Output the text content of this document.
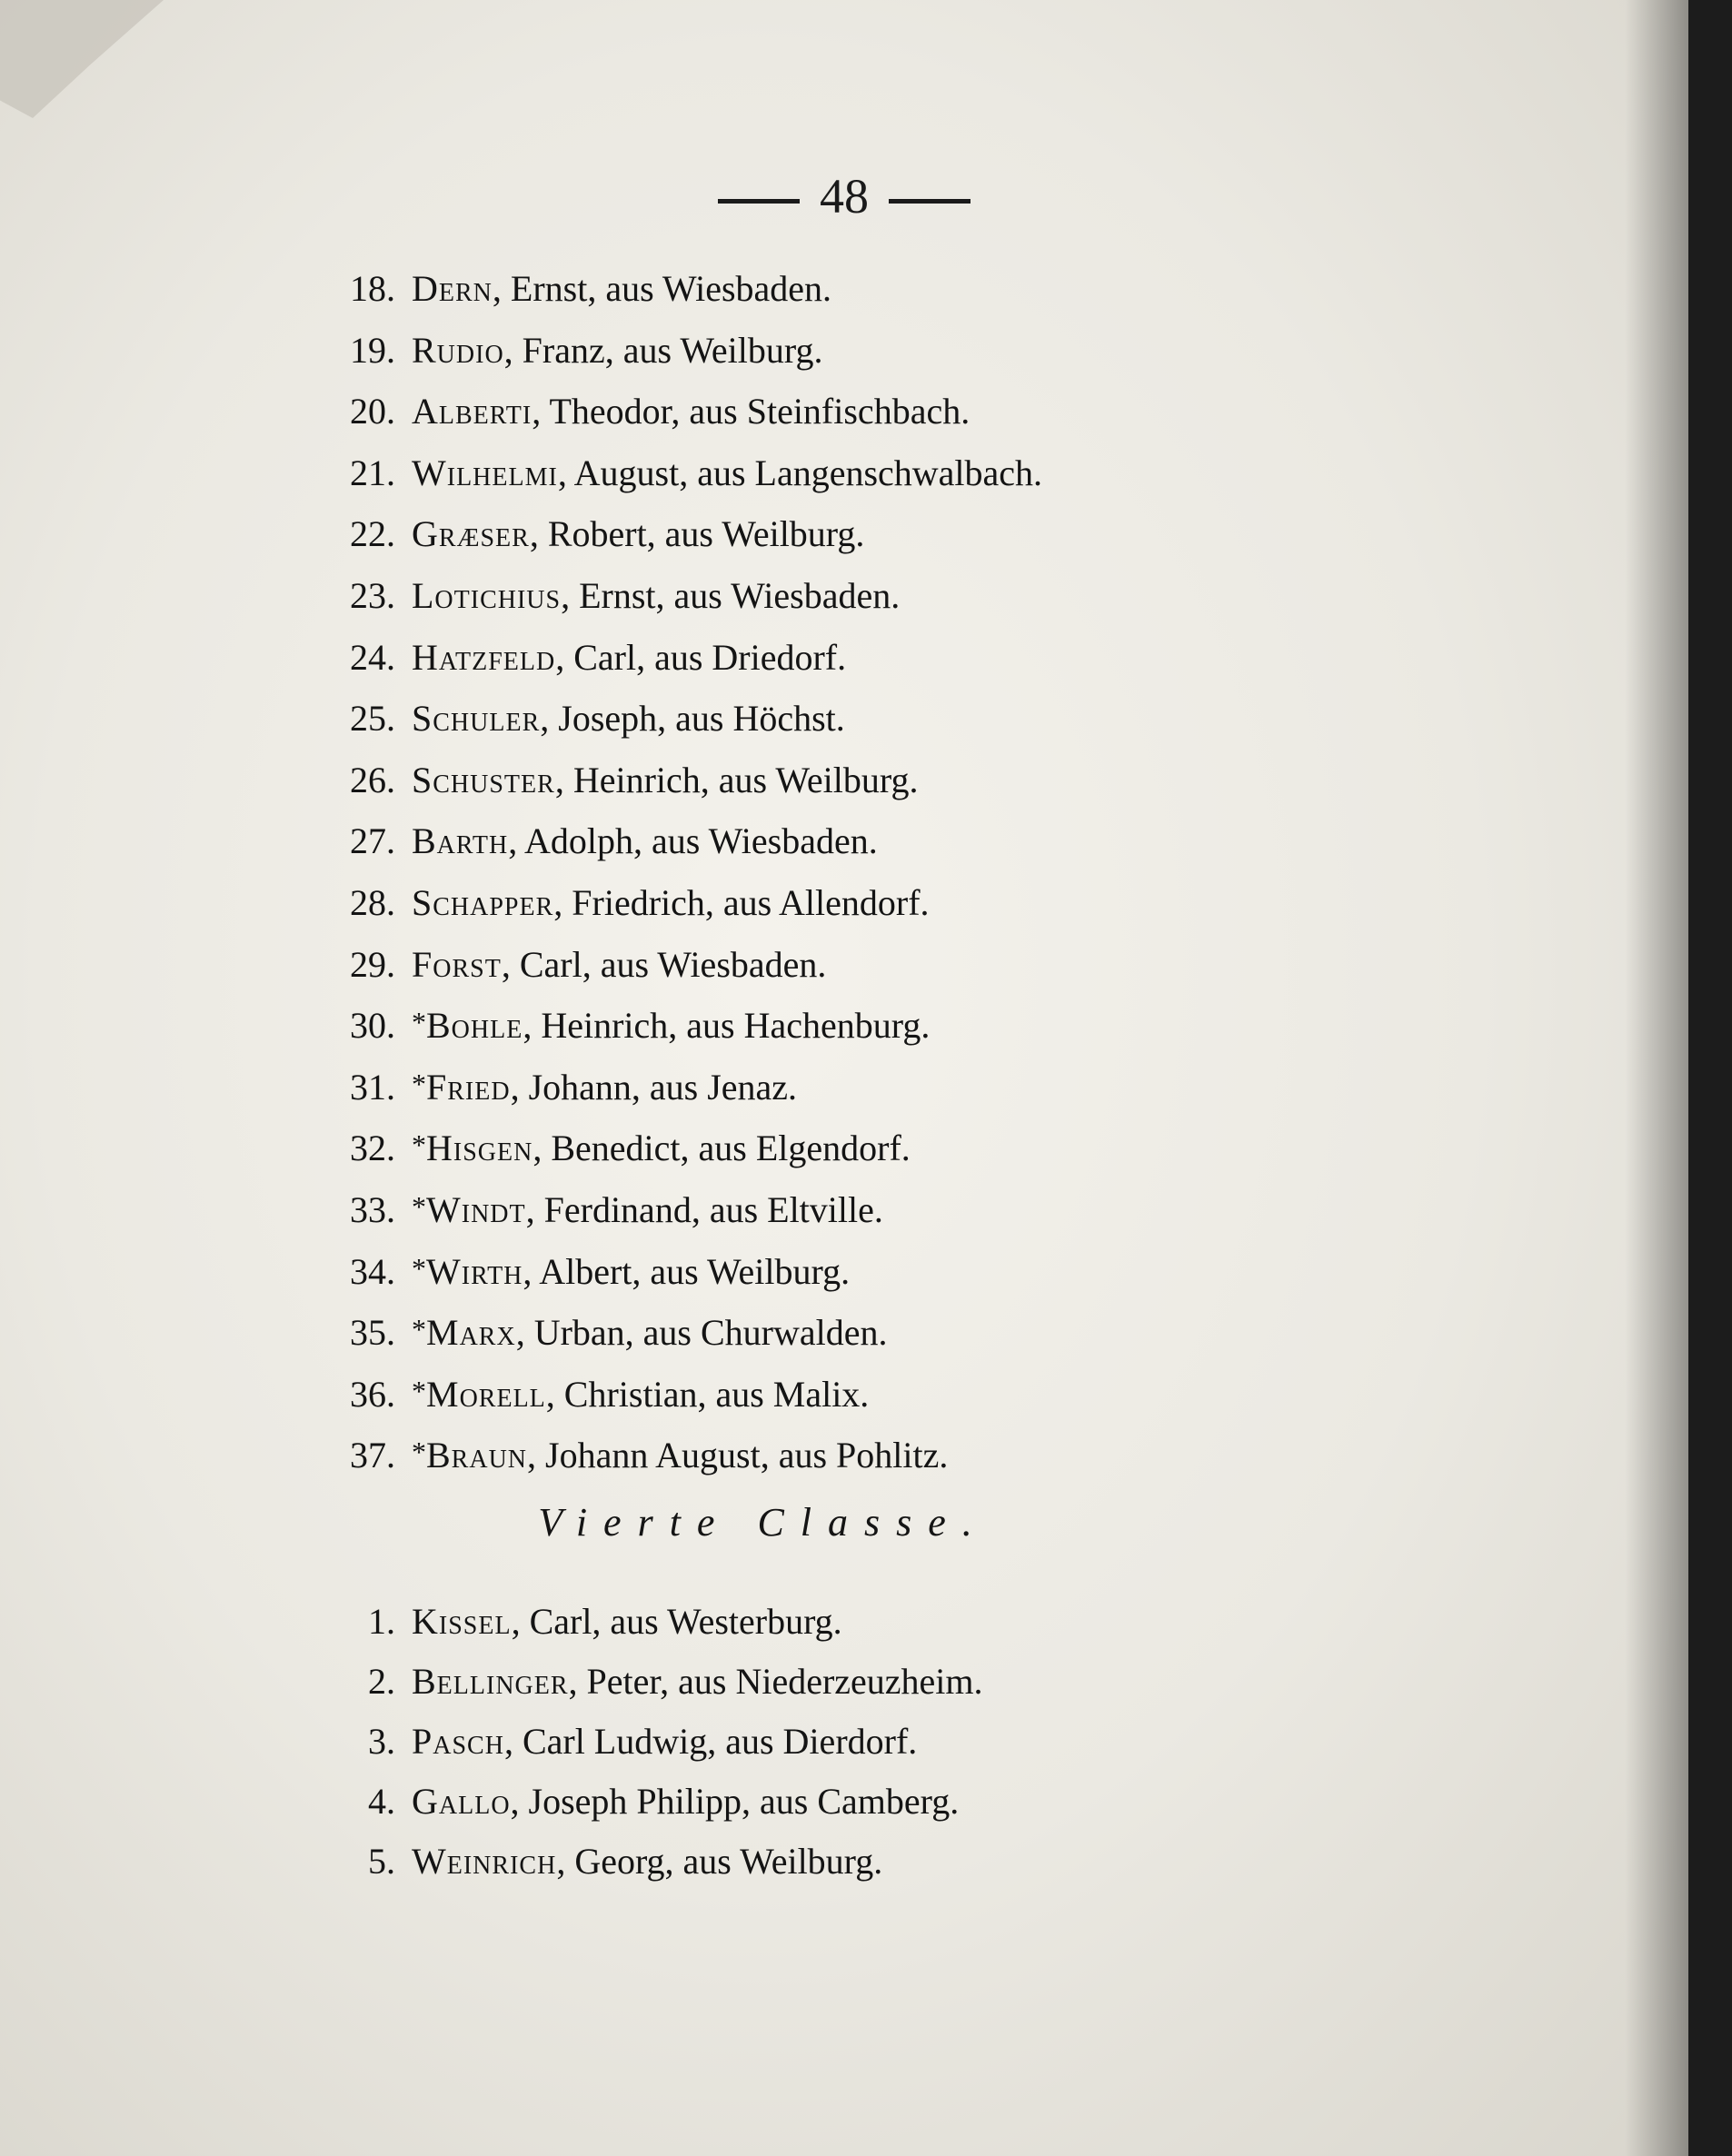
48
18. Dern, Ernst, aus Wiesbaden.
19. Rudio, Franz, aus Weilburg.
20. Alberti, Theodor, aus Steinfischbach.
21. Wilhelmi, August, aus Langenschwalbach.
22. Græser, Robert, aus Weilburg.
23. Lotichius, Ernst, aus Wiesbaden.
24. Hatzfeld, Carl, aus Driedorf.
25. Schuler, Joseph, aus Höchst.
26. Schuster, Heinrich, aus Weilburg.
27. Barth, Adolph, aus Wiesbaden.
28. Schapper, Friedrich, aus Allendorf.
29. Forst, Carl, aus Wiesbaden.
30. *Bohle, Heinrich, aus Hachenburg.
31. *Fried, Johann, aus Jenaz.
32. *Hisgen, Benedict, aus Elgendorf.
33. *Windt, Ferdinand, aus Eltville.
34. *Wirth, Albert, aus Weilburg.
35. *Marx, Urban, aus Churwalden.
36. *Morell, Christian, aus Malix.
37. *Braun, Johann August, aus Pohlitz.
Vierte Classe.
1. Kissel, Carl, aus Westerburg.
2. Bellinger, Peter, aus Niederzeuzheim.
3. Pasch, Carl Ludwig, aus Dierdorf.
4. Gallo, Joseph Philipp, aus Camberg.
5. Weinrich, Georg, aus Weilburg.
